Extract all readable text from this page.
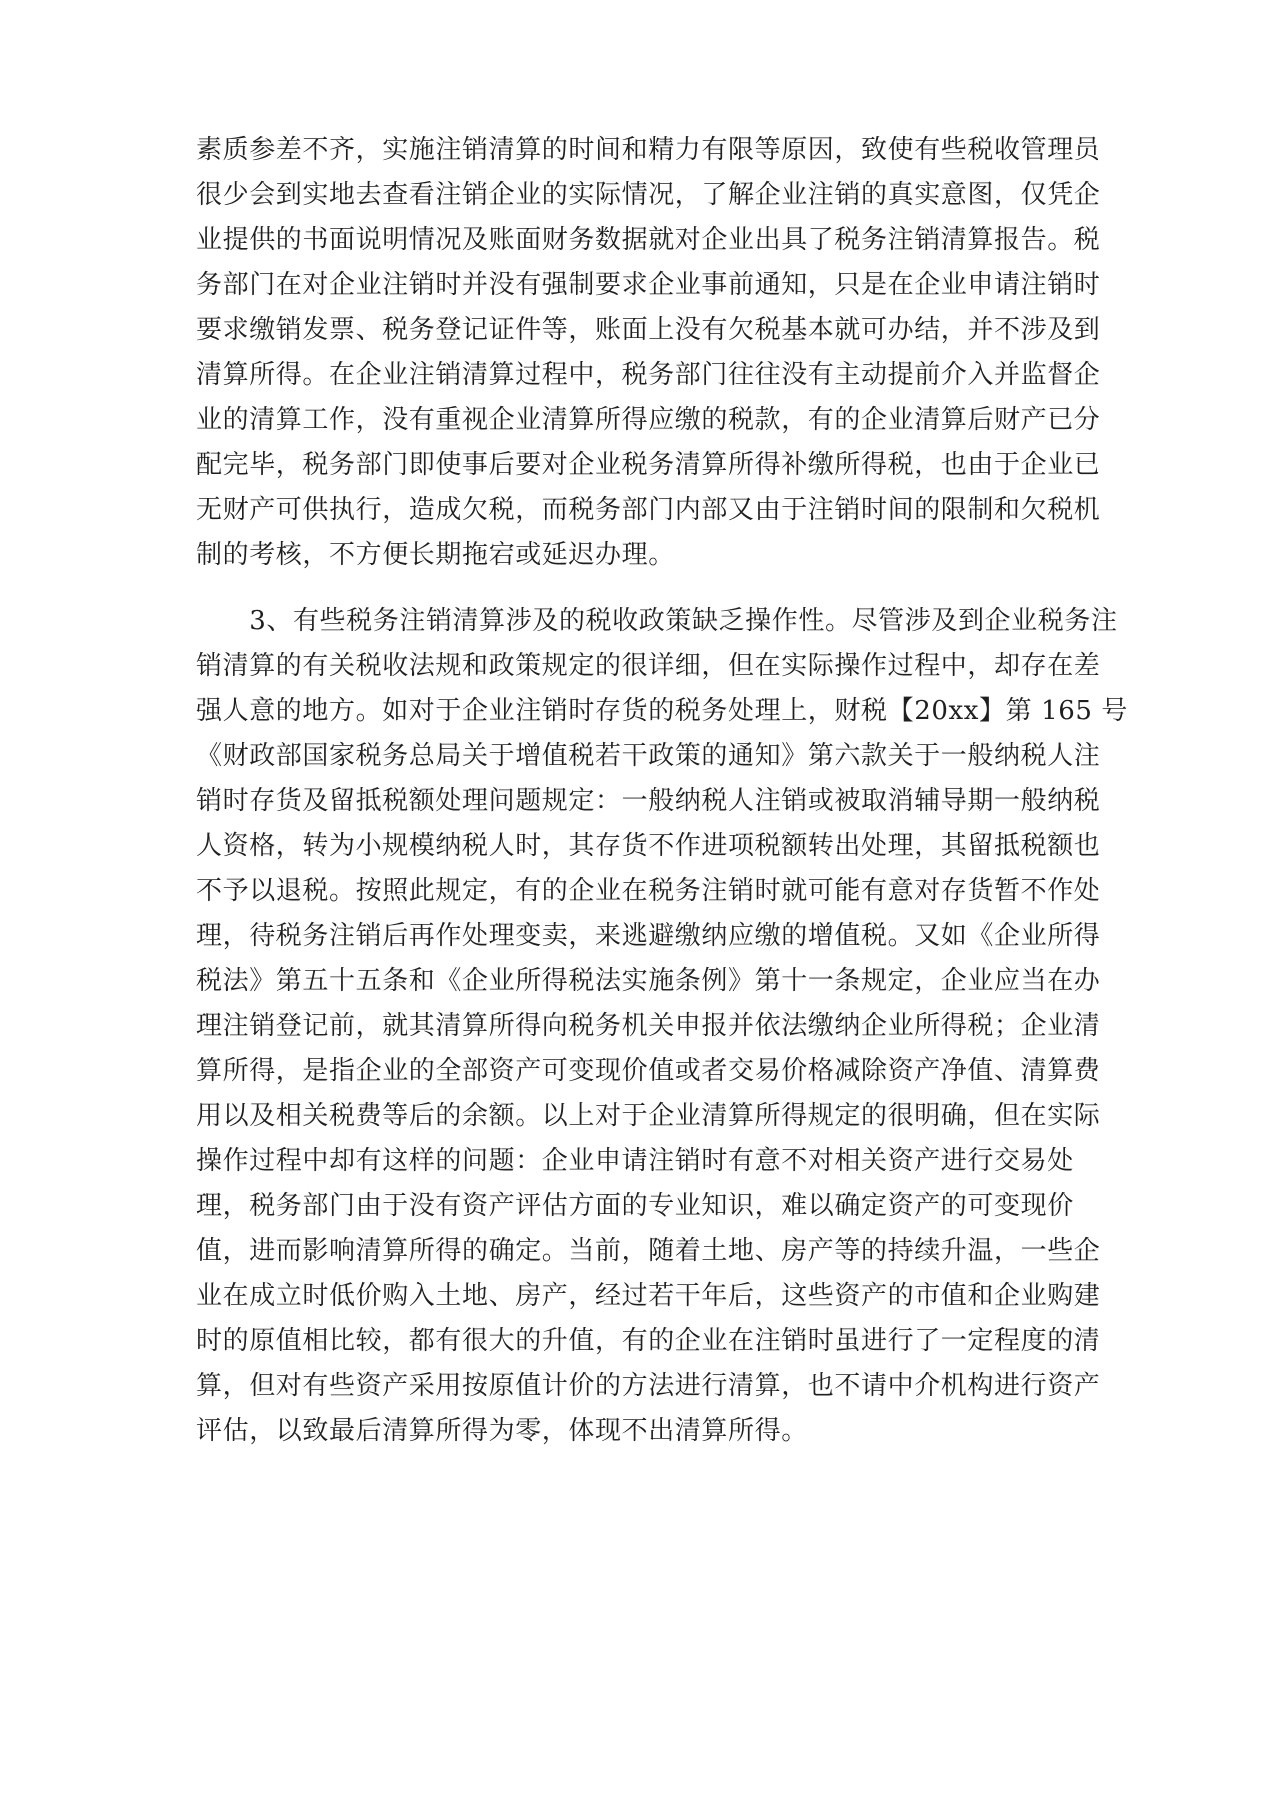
素质参差不齐，实施注销清算的时间和精力有限等原因，致使有些税收管理员
很少会到实地去查看注销企业的实际情况，了解企业注销的真实意图，仅凭企
业提供的书面说明情况及账面财务数据就对企业出具了税务注销清算报告。税
务部门在对企业注销时并没有强制要求企业事前通知，只是在企业申请注销时
要求缴销发票、税务登记证件等，账面上没有欠税基本就可办结，并不涉及到
清算所得。在企业注销清算过程中，税务部门往往没有主动提前介入并监督企
业的清算工作，没有重视企业清算所得应缴的税款，有的企业清算后财产已分
配完毕，税务部门即使事后要对企业税务清算所得补缴所得税，也由于企业已
无财产可供执行，造成欠税，而税务部门内部又由于注销时间的限制和欠税机
制的考核，不方便长期拖宕或延迟办理。
　　3、有些税务注销清算涉及的税收政策缺乏操作性。尽管涉及到企业税务注
销清算的有关税收法规和政策规定的很详细，但在实际操作过程中，却存在差
强人意的地方。如对于企业注销时存货的税务处理上，财税【20xx】第 165 号
《财政部国家税务总局关于增值税若干政策的通知》第六款关于一般纳税人注
销时存货及留抵税额处理问题规定：一般纳税人注销或被取消辅导期一般纳税
人资格，转为小规模纳税人时，其存货不作进项税额转出处理，其留抵税额也
不予以退税。按照此规定，有的企业在税务注销时就可能有意对存货暂不作处
理，待税务注销后再作处理变卖，来逃避缴纳应缴的增值税。又如《企业所得
税法》第五十五条和《企业所得税法实施条例》第十一条规定，企业应当在办
理注销登记前，就其清算所得向税务机关申报并依法缴纳企业所得税；企业清
算所得，是指企业的全部资产可变现价值或者交易价格减除资产净值、清算费
用以及相关税费等后的余额。以上对于企业清算所得规定的很明确，但在实际
操作过程中却有这样的问题：企业申请注销时有意不对相关资产进行交易处
理，税务部门由于没有资产评估方面的专业知识，难以确定资产的可变现价
值，进而影响清算所得的确定。当前，随着土地、房产等的持续升温，一些企
业在成立时低价购入土地、房产，经过若干年后，这些资产的市值和企业购建
时的原值相比较，都有很大的升值，有的企业在注销时虽进行了一定程度的清
算，但对有些资产采用按原值计价的方法进行清算，也不请中介机构进行资产
评估，以致最后清算所得为零，体现不出清算所得。
